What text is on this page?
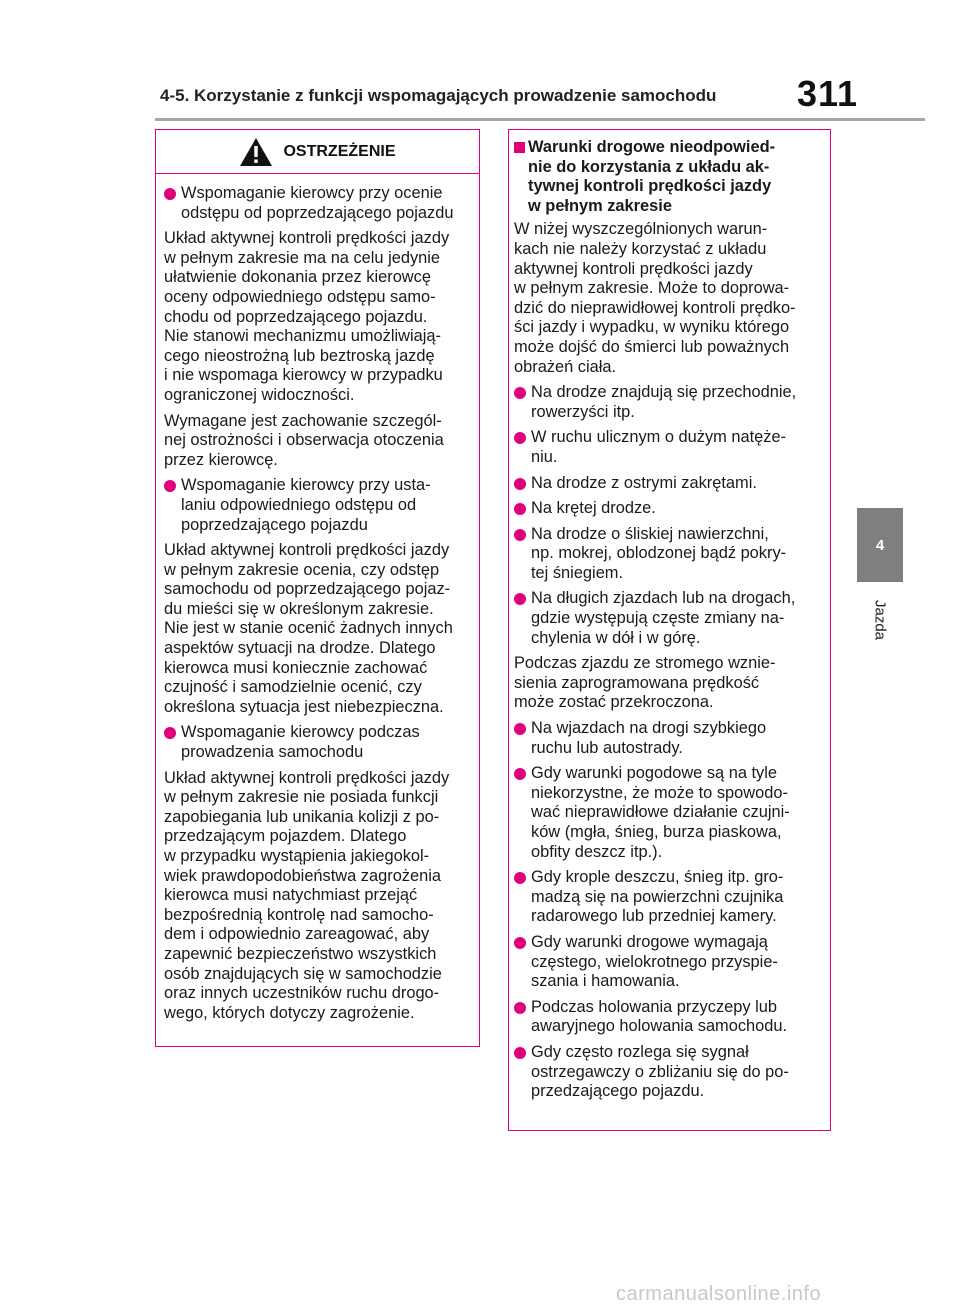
4-5. Korzystanie z funkcji wspomagających prowadzenie samochodu 311
4
Jazda
OSTRZEŻENIE
Wspomaganie kierowcy przy ocenie
odstępu od poprzedzającego pojazdu
Układ aktywnej kontroli prędkości jazdy
w pełnym zakresie ma na celu jedynie
ułatwienie dokonania przez kierowcę
oceny odpowiedniego odstępu samo-
chodu od poprzedzającego pojazdu.
Nie stanowi mechanizmu umożliwiają-
cego nieostrożną lub beztroską jazdę
i nie wspomaga kierowcy w przypadku
ograniczonej widoczności.
Wymagane jest zachowanie szczegól-
nej ostrożności i obserwacja otoczenia
przez kierowcę.
Wspomaganie kierowcy przy usta-
laniu odpowiedniego odstępu od
poprzedzającego pojazdu
Układ aktywnej kontroli prędkości jazdy
w pełnym zakresie ocenia, czy odstęp
samochodu od poprzedzającego pojaz-
du mieści się w określonym zakresie.
Nie jest w stanie ocenić żadnych innych
aspektów sytuacji na drodze. Dlatego
kierowca musi koniecznie zachować
czujność i samodzielnie ocenić, czy
określona sytuacja jest niebezpieczna.
Wspomaganie kierowcy podczas
prowadzenia samochodu
Układ aktywnej kontroli prędkości jazdy
w pełnym zakresie nie posiada funkcji
zapobiegania lub unikania kolizji z po-
przedzającym pojazdem. Dlatego
w przypadku wystąpienia jakiegokol-
wiek prawdopodobieństwa zagrożenia
kierowca musi natychmiast przejąć
bezpośrednią kontrolę nad samocho-
dem i odpowiednio zareagować, aby
zapewnić bezpieczeństwo wszystkich
osób znajdujących się w samochodzie
oraz innych uczestników ruchu drogo-
wego, których dotyczy zagrożenie.
Warunki drogowe nieodpowied-
nie do korzystania z układu ak-
tywnej kontroli prędkości jazdy
w pełnym zakresie
W niżej wyszczególnionych warun-
kach nie należy korzystać z układu
aktywnej kontroli prędkości jazdy
w pełnym zakresie. Może to doprowa-
dzić do nieprawidłowej kontroli prędko-
ści jazdy i wypadku, w wyniku którego
może dojść do śmierci lub poważnych
obrażeń ciała.
Na drodze znajdują się przechodnie,
rowerzyści itp.
W ruchu ulicznym o dużym natęże-
niu.
Na drodze z ostrymi zakrętami.
Na krętej drodze.
Na drodze o śliskiej nawierzchni,
np. mokrej, oblodzonej bądź pokry-
tej śniegiem.
Na długich zjazdach lub na drogach,
gdzie występują częste zmiany na-
chylenia w dół i w górę.
Podczas zjazdu ze stromego wznie-
sienia zaprogramowana prędkość
może zostać przekroczona.
Na wjazdach na drogi szybkiego
ruchu lub autostrady.
Gdy warunki pogodowe są na tyle
niekorzystne, że może to spowodo-
wać nieprawidłowe działanie czujni-
ków (mgła, śnieg, burza piaskowa,
obfity deszcz itp.).
Gdy krople deszczu, śnieg itp. gro-
madzą się na powierzchni czujnika
radarowego lub przedniej kamery.
Gdy warunki drogowe wymagają
częstego, wielokrotnego przyspie-
szania i hamowania.
Podczas holowania przyczepy lub
awaryjnego holowania samochodu.
Gdy często rozlega się sygnał
ostrzegawczy o zbliżaniu się do po-
przedzającego pojazdu.
carmanualsonline.info
